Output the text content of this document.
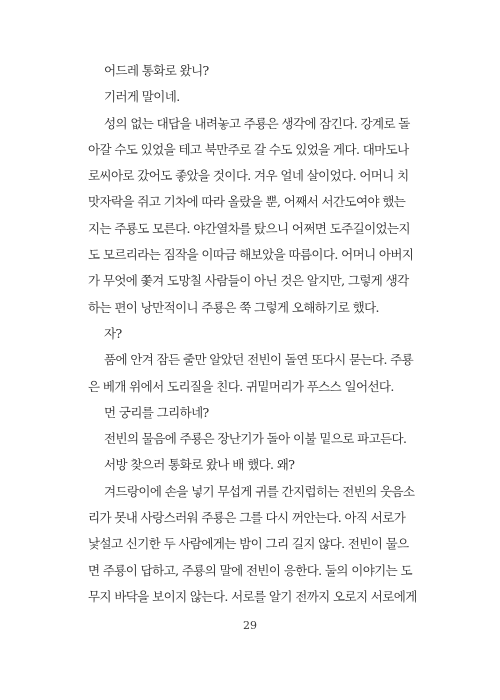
어드레 통화로 왔니?
기러게 말이네.
성의 없는 대답을 내려놓고 주룡은 생각에 잠긴다. 강계로 돌
아갈 수도 있었을 테고 북만주로 갈 수도 있었을 게다. 대마도나
로씨아로 갔어도 좋았을 것이다. 겨우 얼네 살이었다. 어머니 치
맛자락을 쥐고 기차에 따라 올랐을 뿐, 어째서 서간도여야 했는
지는 주룡도 모른다. 야간열차를 탔으니 어쩌면 도주길이었는지
도 모르리라는 짐작을 이따금 해보았을 따름이다. 어머니 아버지
가 무엇에 쫓겨 도망칠 사람들이 아닌 것은 알지만, 그렇게 생각
하는 편이 낭만적이니 주룡은 쭉 그렇게 오해하기로 했다.
자?
품에 안겨 잠든 줄만 알았던 전빈이 돌연 또다시 묻는다. 주룡
은 베개 위에서 도리질을 친다. 귀밑머리가 푸스스 일어선다.
먼 궁리를 그리하네?
전빈의 물음에 주룡은 장난기가 돌아 이불 밑으로 파고든다.
서방 찾으러 통화로 왔나 배 했다. 왜?
겨드랑이에 손을 넣기 무섭게 귀를 간지럽히는 전빈의 웃음소
리가 못내 사랑스러워 주룡은 그를 다시 꺼안는다. 아직 서로가
낯설고 신기한 두 사람에게는 밤이 그리 길지 않다. 전빈이 물으
면 주룡이 답하고, 주룡의 말에 전빈이 응한다. 둘의 이야기는 도
무지 바닥을 보이지 않는다. 서로를 알기 전까지 오로지 서로에게
29
